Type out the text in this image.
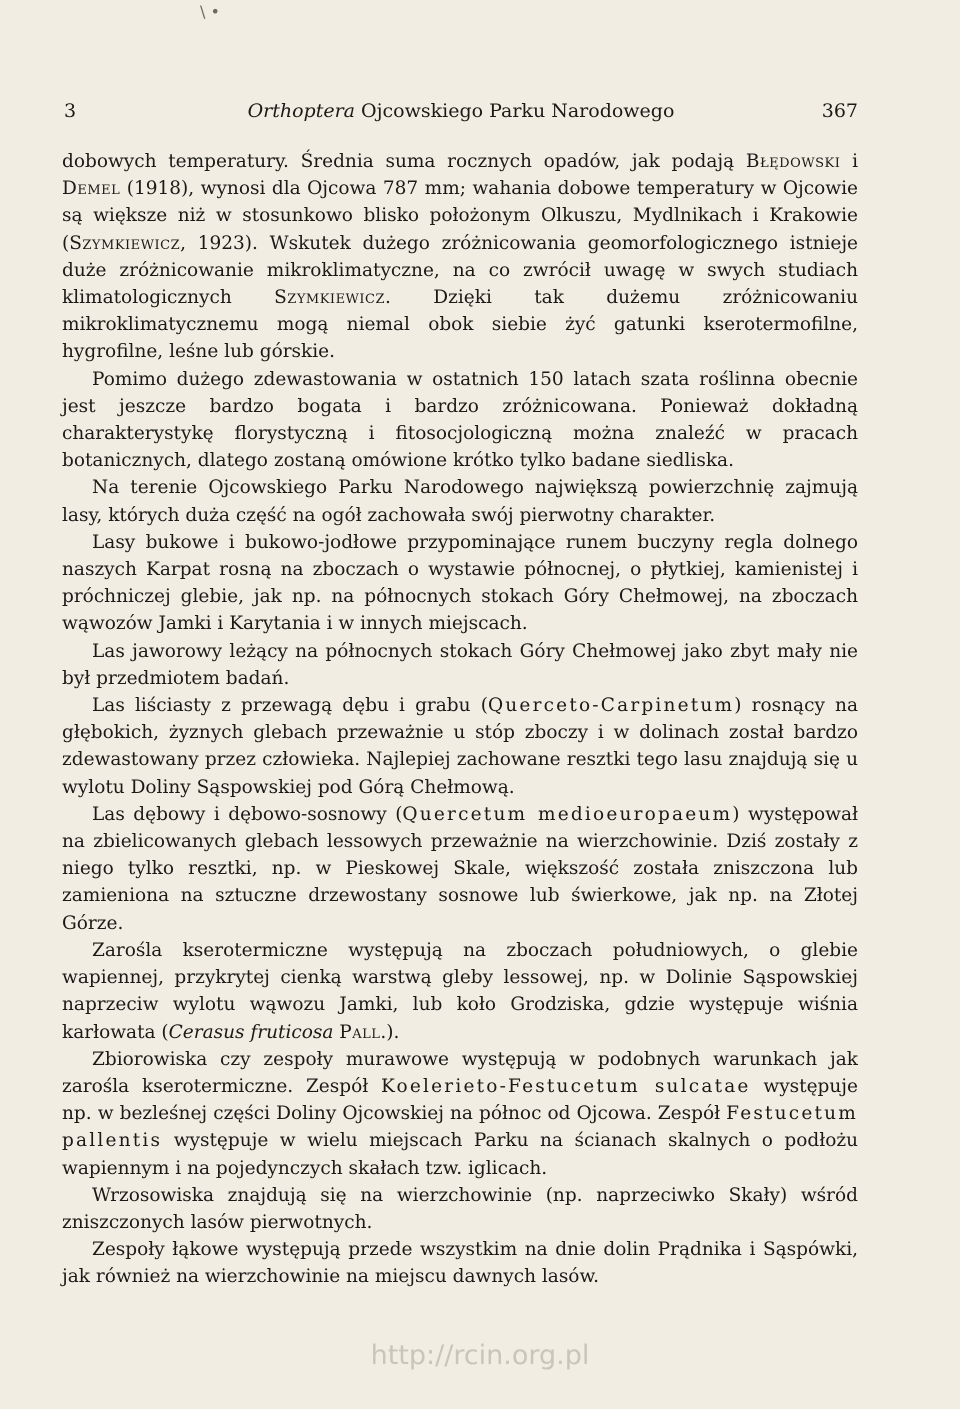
\ •
3	Orthoptera Ojcowskiego Parku Narodowego	367

dobowych temperatury. Średnia suma rocznych opadów, jak podają Błędowski i Demel (1918), wynosi dla Ojcowa 787 mm; wahania dobowe temperatury w Ojcowie są większe niż w stosunkowo blisko położonym Olkuszu, Mydlnikach i Krakowie (Szymkiewicz, 1923). Wskutek dużego zróżnicowania geomorfologicznego istnieje duże zróżnicowanie mikroklimatyczne, na co zwrócił uwagę w swych studiach klimatologicznych Szymkiewicz. Dzięki tak dużemu zróżnicowaniu mikroklimatycznemu mogą niemal obok siebie żyć gatunki kserotermofilne, hygrofilne, leśne lub górskie.

Pomimo dużego zdewastowania w ostatnich 150 latach szata roślinna obecnie jest jeszcze bardzo bogata i bardzo zróżnicowana. Ponieważ dokładną charakterystykę florystyczną i fitosocjologiczną można znaleźć w pracach botanicznych, dlatego zostaną omówione krótko tylko badane siedliska.

Na terenie Ojcowskiego Parku Narodowego największą powierzchnię zajmują lasy, których duża część na ogół zachowała swój pierwotny charakter.

Lasy bukowe i bukowo-jodłowe przypominające runem buczyny regla dolnego naszych Karpat rosną na zboczach o wystawie północnej, o płytkiej, kamienistej i próchniczej glebie, jak np. na północnych stokach Góry Chełmowej, na zboczach wąwozów Jamki i Karytania i w innych miejscach.

Las jaworowy leżący na północnych stokach Góry Chełmowej jako zbyt mały nie był przedmiotem badań.

Las liściasty z przewagą dębu i grabu (Querceto-Carpinetum) rosnący na głębokich, żyznych glebach przeważnie u stóp zboczy i w dolinach został bardzo zdewastowany przez człowieka. Najlepiej zachowane resztki tego lasu znajdują się u wylotu Doliny Sąspowskiej pod Górą Chełmową.

Las dębowy i dębowo-sosnowy (Quercetum medioeuropaeum) występował na zbielicowanych glebach lessowych przeważnie na wierzchowinie. Dziś zostały z niego tylko resztki, np. w Pieskowej Skale, większość została zniszczona lub zamieniona na sztuczne drzewostany sosnowe lub świerkowe, jak np. na Złotej Górze.

Zarośla kserotermiczne występują na zboczach południowych, o glebie wapiennej, przykrytej cienką warstwą gleby lessowej, np. w Dolinie Sąspowskiej naprzeciw wylotu wąwozu Jamki, lub koło Grodziska, gdzie występuje wiśnia karłowata (Cerasus fruticosa Pall.).

Zbiorowiska czy zespoły murawowe występują w podobnych warunkach jak zarośla kserotermiczne. Zespół Koelerieto-Festucetum sulcatae występuje np. w bezleśnej części Doliny Ojcowskiej na północ od Ojcowa. Zespół Festucetum pallentis występuje w wielu miejscach Parku na ścianach skalnych o podłożu wapiennym i na pojedynczych skałach tzw. iglicach.

Wrzosowiska znajdują się na wierzchowinie (np. naprzeciwko Skały) wśród zniszczonych lasów pierwotnych.

Zespoły łąkowe występują przede wszystkim na dnie dolin Prądnika i Sąspówki, jak również na wierzchowinie na miejscu dawnych lasów.

http://rcin.org.pl
